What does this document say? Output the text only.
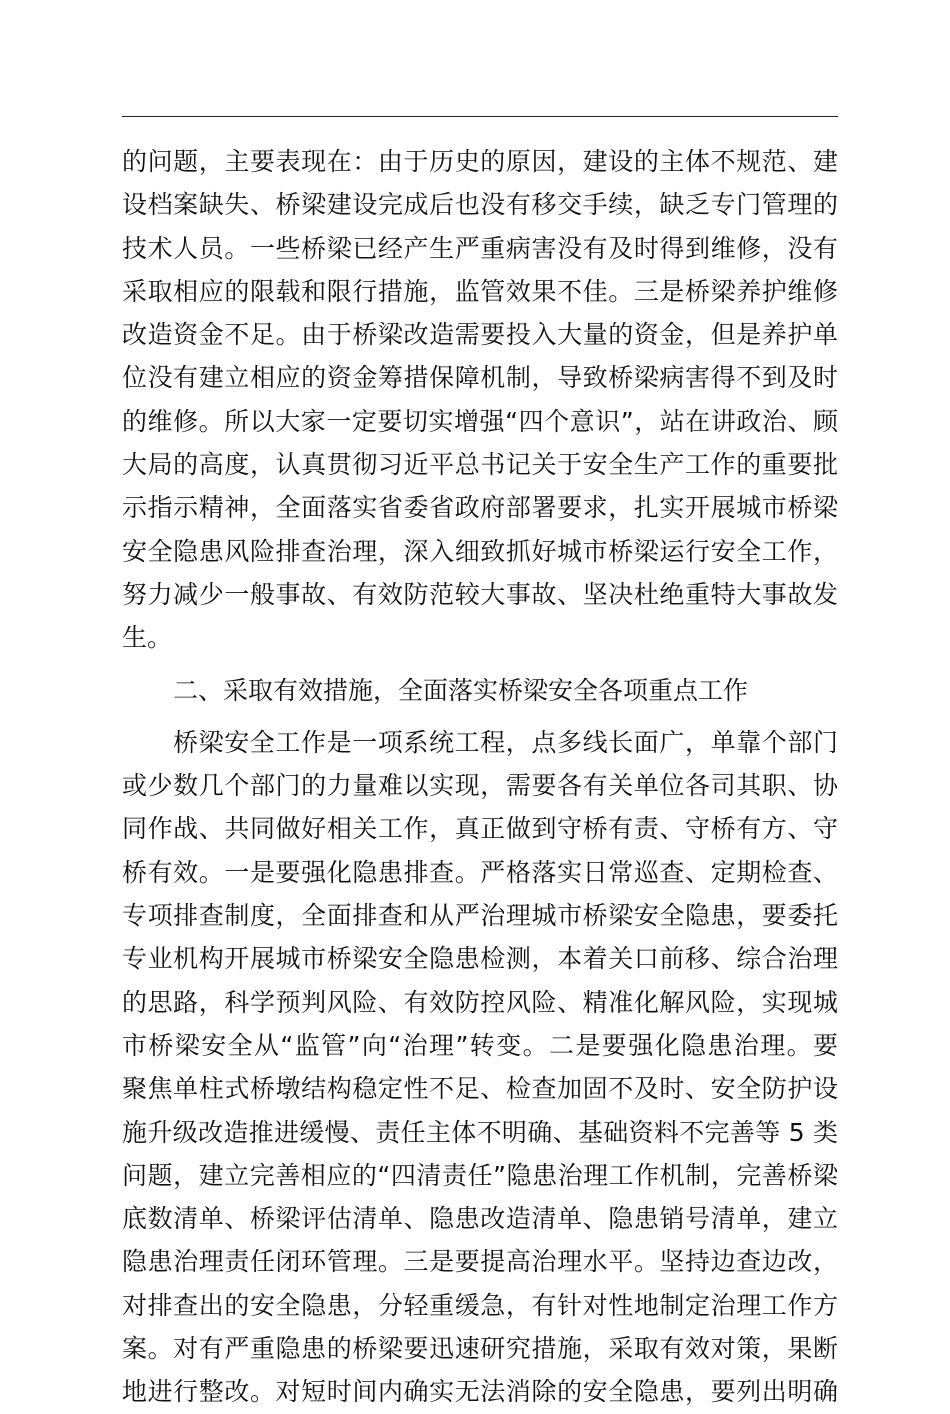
的问题，主要表现在：由于历史的原因，建设的主体不规范、建
设档案缺失、桥梁建设完成后也没有移交手续，缺乏专门管理的
技术人员。一些桥梁已经产生严重病害没有及时得到维修，没有
采取相应的限载和限行措施，监管效果不佳。三是桥梁养护维修
改造资金不足。由于桥梁改造需要投入大量的资金，但是养护单
位没有建立相应的资金筹措保障机制，导致桥梁病害得不到及时
的维修。所以大家一定要切实增强“四个意识”，站在讲政治、顾
大局的高度，认真贯彻习近平总书记关于安全生产工作的重要批
示指示精神，全面落实省委省政府部署要求，扎实开展城市桥梁
安全隐患风险排查治理，深入细致抓好城市桥梁运行安全工作，
努力减少一般事故、有效防范较大事故、坚决杜绝重特大事故发
生。
二、采取有效措施，全面落实桥梁安全各项重点工作
桥梁安全工作是一项系统工程，点多线长面广，单靠个部门
或少数几个部门的力量难以实现，需要各有关单位各司其职、协
同作战、共同做好相关工作，真正做到守桥有责、守桥有方、守
桥有效。一是要强化隐患排查。严格落实日常巡查、定期检查、
专项排查制度，全面排查和从严治理城市桥梁安全隐患，要委托
专业机构开展城市桥梁安全隐患检测，本着关口前移、综合治理
的思路，科学预判风险、有效防控风险、精准化解风险，实现城
市桥梁安全从“监管”向“治理”转变。二是要强化隐患治理。要
聚焦单柱式桥墩结构稳定性不足、检查加固不及时、安全防护设
施升级改造推进缓慢、责任主体不明确、基础资料不完善等 5 类
问题，建立完善相应的“四清责任”隐患治理工作机制，完善桥梁
底数清单、桥梁评估清单、隐患改造清单、隐患销号清单，建立
隐患治理责任闭环管理。三是要提高治理水平。坚持边查边改，
对排查出的安全隐患，分轻重缓急，有针对性地制定治理工作方
案。对有严重隐患的桥梁要迅速研究措施，采取有效对策，果断
地进行整改。对短时间内确实无法消除的安全隐患，要列出明确
